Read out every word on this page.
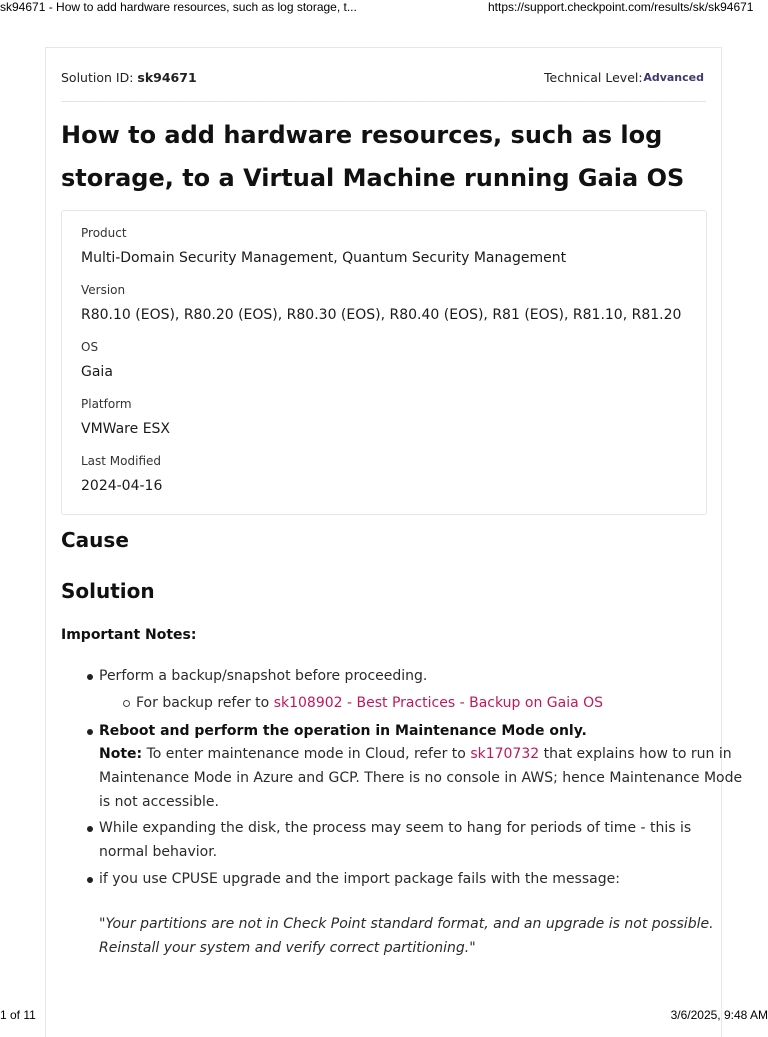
sk94671 - How to add hardware resources, such as log storage, t...	https://support.checkpoint.com/results/sk/sk94671
Solution ID: sk94671	Technical Level: Advanced
How to add hardware resources, such as log
storage, to a Virtual Machine running Gaia OS
Product
Multi-Domain Security Management, Quantum Security Management
Version
R80.10 (EOS), R80.20 (EOS), R80.30 (EOS), R80.40 (EOS), R81 (EOS), R81.10, R81.20
OS
Gaia
Platform
VMWare ESX
Last Modified
2024-04-16
Cause
Solution
Important Notes:
Perform a backup/snapshot before proceeding.
For backup refer to sk108902 - Best Practices - Backup on Gaia OS
Reboot and perform the operation in Maintenance Mode only.
Note: To enter maintenance mode in Cloud, refer to sk170732 that explains how to run in
Maintenance Mode in Azure and GCP. There is no console in AWS; hence Maintenance Mode
is not accessible.
While expanding the disk, the process may seem to hang for periods of time - this is
normal behavior.
if you use CPUSE upgrade and the import package fails with the message:
"Your partitions are not in Check Point standard format, and an upgrade is not possible.
Reinstall your system and verify correct partitioning."
1 of 11	3/6/2025, 9:48 AM
